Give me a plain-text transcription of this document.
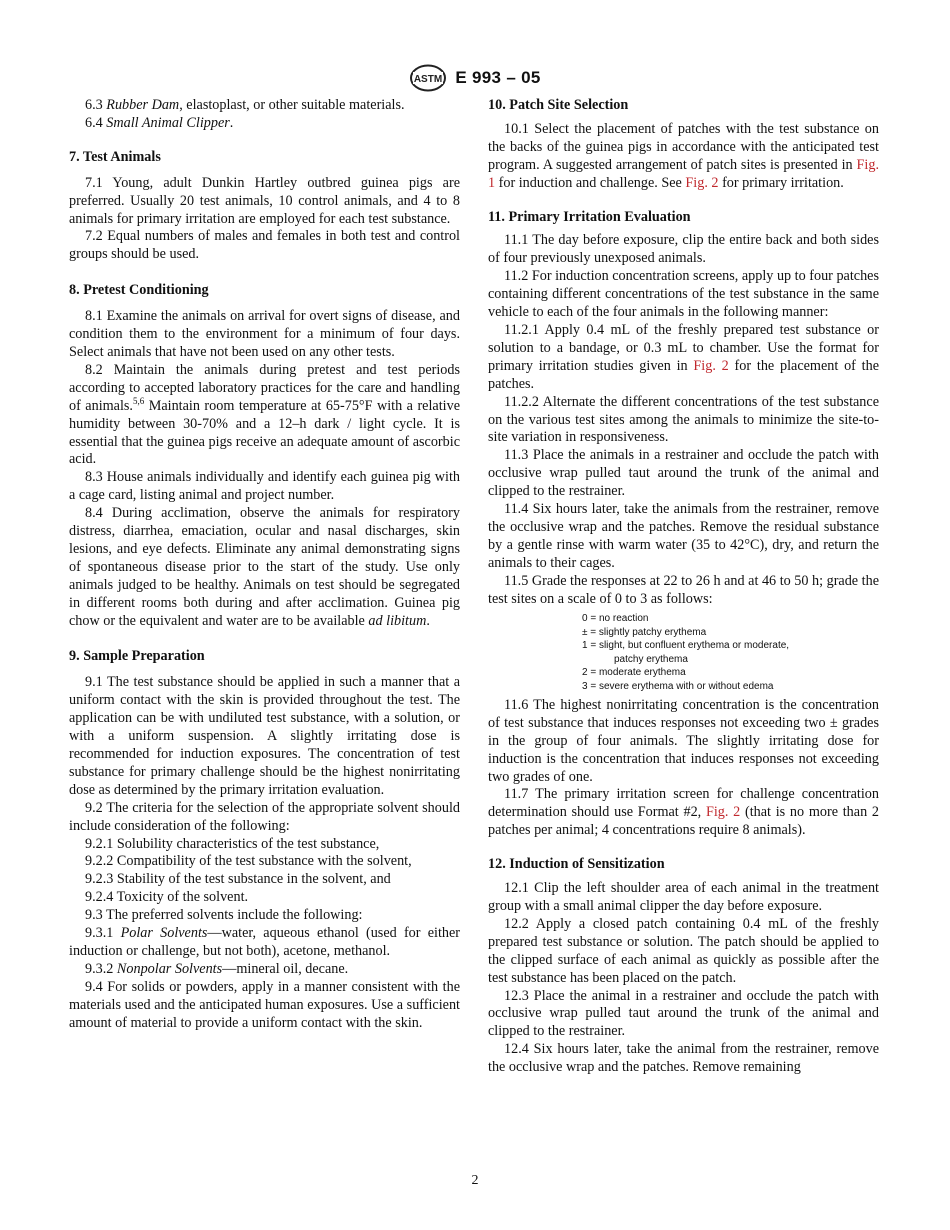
ASTM E 993 – 05

6.3 Rubber Dam, elastoplast, or other suitable materials.

6.4 Small Animal Clipper.

7. Test Animals

7.1 Young, adult Dunkin Hartley outbred guinea pigs are preferred. Usually 20 test animals, 10 control animals, and 4 to 8 animals for primary irritation are employed for each test substance.

7.2 Equal numbers of males and females in both test and control groups should be used.

8. Pretest Conditioning

8.1 Examine the animals on arrival for overt signs of disease, and condition them to the environment for a minimum of four days. Select animals that have not been used on any other tests.

8.2 Maintain the animals during pretest and test periods according to accepted laboratory practices for the care and handling of animals.$^{5,6}$ Maintain room temperature at 65-75°F with a relative humidity between 30-70% and a 12–h dark / light cycle. It is essential that the guinea pigs receive an adequate amount of ascorbic acid.

8.3 House animals individually and identify each guinea pig with a cage card, listing animal and project number.

8.4 During acclimation, observe the animals for respiratory distress, diarrhea, emaciation, ocular and nasal discharges, skin lesions, and eye defects. Eliminate any animal demonstrating signs of spontaneous disease prior to the start of the study. Use only animals judged to be healthy. Animals on test should be segregated in different rooms both during and after acclimation. Guinea pig chow or the equivalent and water are to be available ad libitum.

9. Sample Preparation

9.1 The test substance should be applied in such a manner that a uniform contact with the skin is provided throughout the test. The application can be with undiluted test substance, with a solution, or with a uniform suspension. A slightly irritating dose is recommended for induction exposures. The concentration of test substance for primary challenge should be the highest nonirritating dose as determined by the primary irritation evaluation.

9.2 The criteria for the selection of the appropriate solvent should include consideration of the following:

9.2.1 Solubility characteristics of the test substance,

9.2.2 Compatibility of the test substance with the solvent,

9.2.3 Stability of the test substance in the solvent, and

9.2.4 Toxicity of the solvent.

9.3 The preferred solvents include the following:

9.3.1 Polar Solvents—water, aqueous ethanol (used for either induction or challenge, but not both), acetone, methanol.

9.3.2 Nonpolar Solvents—mineral oil, decane.

9.4 For solids or powders, apply in a manner consistent with the materials used and the anticipated human exposures. Use a sufficient amount of material to provide a uniform contact with the skin.

10. Patch Site Selection

10.1 Select the placement of patches with the test substance on the backs of the guinea pigs in accordance with the anticipated test program. A suggested arrangement of patch sites is presented in Fig. 1 for induction and challenge. See Fig. 2 for primary irritation.

11. Primary Irritation Evaluation

11.1 The day before exposure, clip the entire back and both sides of four previously unexposed animals.

11.2 For induction concentration screens, apply up to four patches containing different concentrations of the test substance in the same vehicle to each of the four animals in the following manner:

11.2.1 Apply 0.4 mL of the freshly prepared test substance or solution to a bandage, or 0.3 mL to chamber. Use the format for primary irritation studies given in Fig. 2 for the placement of the patches.

11.2.2 Alternate the different concentrations of the test substance on the various test sites among the animals to minimize the site-to-site variation in responsiveness.

11.3 Place the animals in a restrainer and occlude the patch with occlusive wrap pulled taut around the trunk of the animal and clipped to the restrainer.

11.4 Six hours later, take the animals from the restrainer, remove the occlusive wrap and the patches. Remove the residual substance by a gentle rinse with warm water (35 to 42°C), dry, and return the animals to their cages.

11.5 Grade the responses at 22 to 26 h and at 46 to 50 h; grade the test sites on a scale of 0 to 3 as follows:

0 = no reaction
± = slightly patchy erythema
1 = slight, but confluent erythema or moderate,
patchy erythema
2 = moderate erythema
3 = severe erythema with or without edema

11.6 The highest nonirritating concentration is the concentration of test substance that induces responses not exceeding two ± grades in the group of four animals. The slightly irritating dose for induction is the concentration that induces responses not exceeding two grades of one.

11.7 The primary irritation screen for challenge concentration determination should use Format #2, Fig. 2 (that is no more than 2 patches per animal; 4 concentrations require 8 animals).

12. Induction of Sensitization

12.1 Clip the left shoulder area of each animal in the treatment group with a small animal clipper the day before exposure.

12.2 Apply a closed patch containing 0.4 mL of the freshly prepared test substance or solution. The patch should be applied to the clipped surface of each animal as quickly as possible after the test substance has been placed on the patch.

12.3 Place the animal in a restrainer and occlude the patch with occlusive wrap pulled taut around the trunk of the animal and clipped to the restrainer.

12.4 Six hours later, take the animal from the restrainer, remove the occlusive wrap and the patches. Remove remaining

2
